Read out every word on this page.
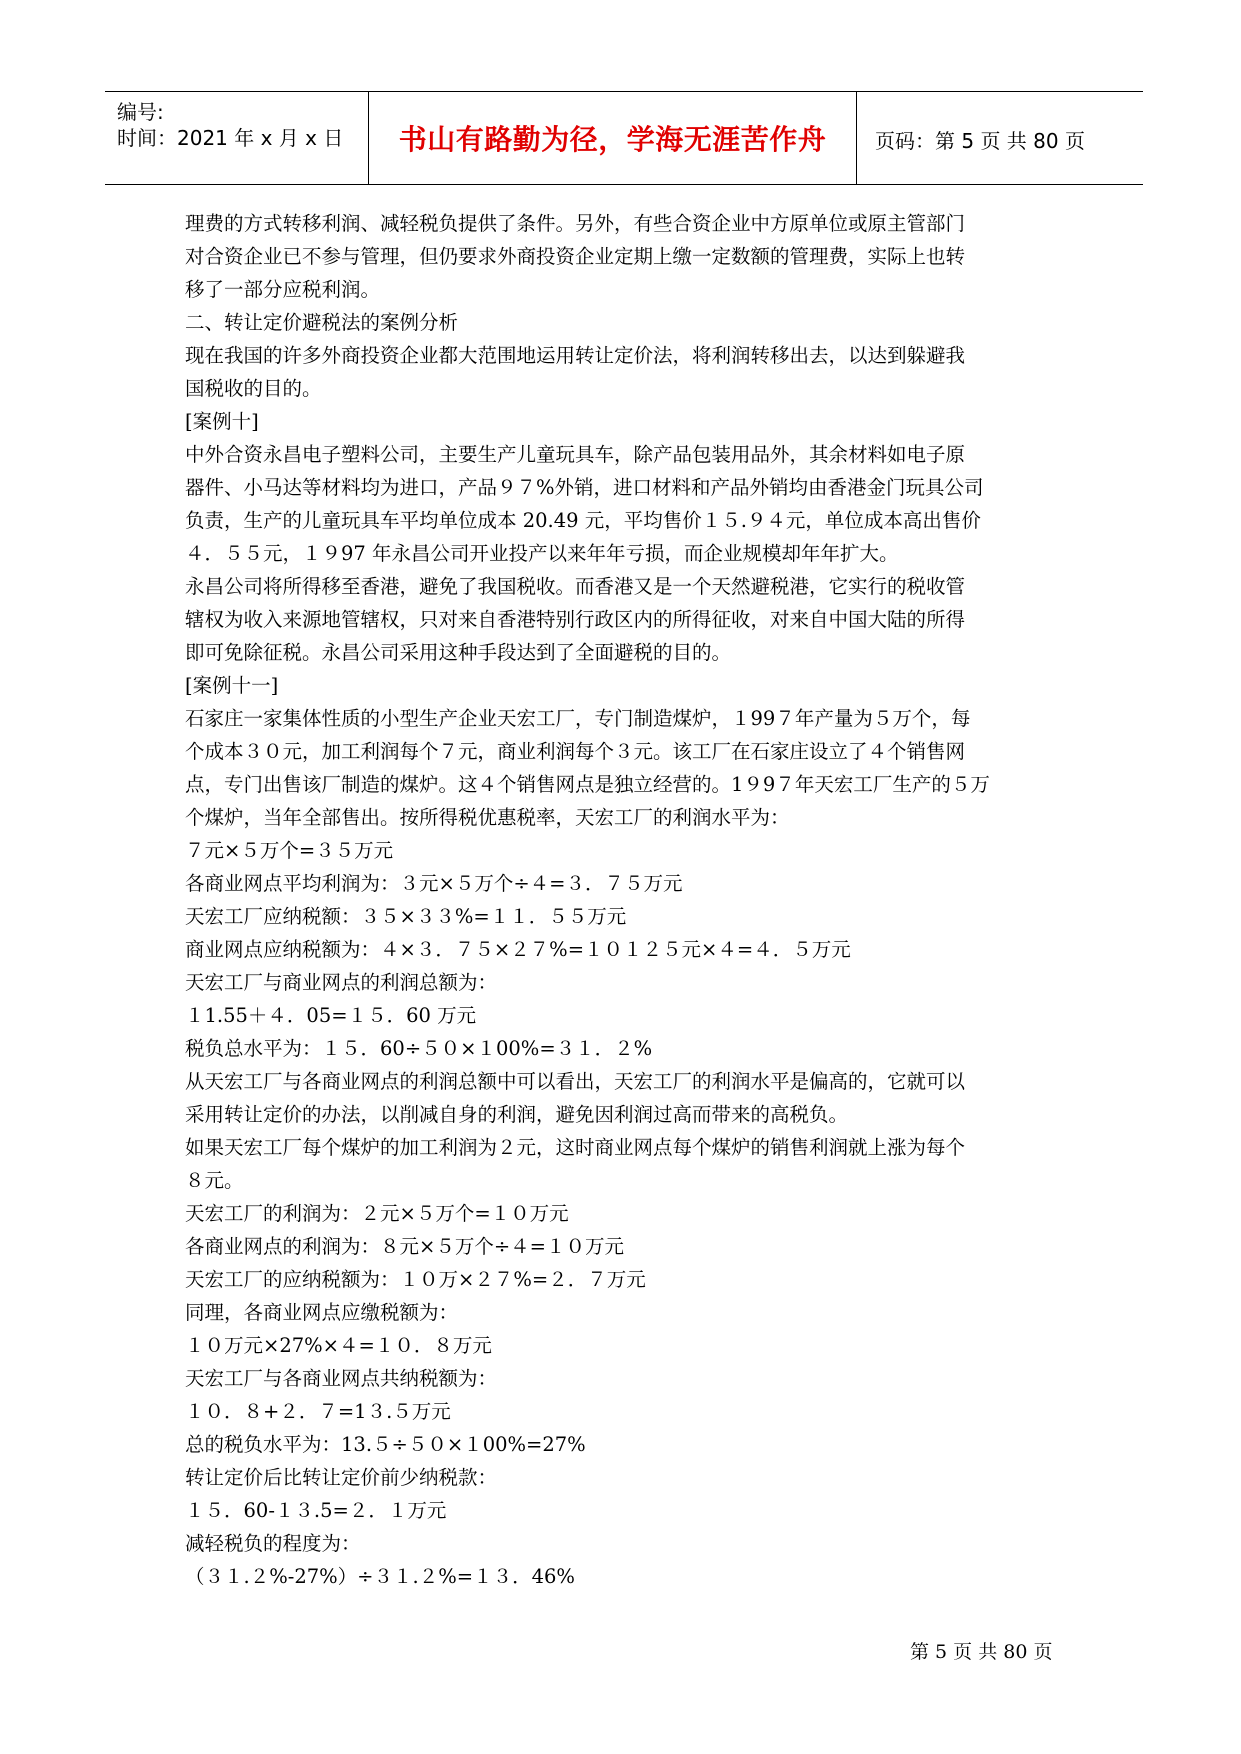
编号:
时间：2021 年 x 月 x 日	书山有路勤为径，学海无涯苦作舟	页码：第 5 页 共 80 页
理费的方式转移利润、减轻税负提供了条件。另外，有些合资企业中方原单位或原主管部门
对合资企业已不参与管理，但仍要求外商投资企业定期上缴一定数额的管理费，实际上也转
移了一部分应税利润。
二、转让定价避税法的案例分析
现在我国的许多外商投资企业都大范围地运用转让定价法，将利润转移出去，以达到躲避我
国税收的目的。
[案例十]
中外合资永昌电子塑料公司，主要生产儿童玩具车，除产品包装用品外，其余材料如电子原
器件、小马达等材料均为进口，产品９７%外销，进口材料和产品外销均由香港金门玩具公司
负责，生产的儿童玩具车平均单位成本 20.49 元，平均售价１５.９４元，单位成本高出售价
４．５５元，１９97 年永昌公司开业投产以来年年亏损，而企业规模却年年扩大。
永昌公司将所得移至香港，避免了我国税收。而香港又是一个天然避税港，它实行的税收管
辖权为收入来源地管辖权，只对来自香港特别行政区内的所得征收，对来自中国大陆的所得
即可免除征税。永昌公司采用这种手段达到了全面避税的目的。
[案例十一]
石家庄一家集体性质的小型生产企业天宏工厂，专门制造煤炉，１99７年产量为５万个，每
个成本３０元，加工利润每个７元，商业利润每个３元。该工厂在石家庄设立了４个销售网
点，专门出售该厂制造的煤炉。这４个销售网点是独立经营的。1９9７年天宏工厂生产的５万
个煤炉，当年全部售出。按所得税优惠税率，天宏工厂的利润水平为：
７元×５万个=３５万元
各商业网点平均利润为：３元×５万个÷４=３．７５万元
天宏工厂应纳税额：３５×３３%=１１．５５万元
商业网点应纳税额为：４×３．７５×２７%=１０１２５元×４=４．５万元
天宏工厂与商业网点的利润总额为：
１1.55＋４．05=１５．60 万元
税负总水平为：１５．60÷５０×１00%=３１．２%
从天宏工厂与各商业网点的利润总额中可以看出，天宏工厂的利润水平是偏高的，它就可以
采用转让定价的办法，以削减自身的利润，避免因利润过高而带来的高税负。
如果天宏工厂每个煤炉的加工利润为２元，这时商业网点每个煤炉的销售利润就上涨为每个
８元。
天宏工厂的利润为：２元×５万个=１０万元
各商业网点的利润为：８元×５万个÷４=１０万元
天宏工厂的应纳税额为：１０万×２７%=２．７万元
同理，各商业网点应缴税额为：
１０万元×27%×４=１０．８万元
天宏工厂与各商业网点共纳税额为：
１０．８+２．７=1３.５万元
总的税负水平为：13.５÷５０×１00%=27%
转让定价后比转让定价前少纳税款：
１５．60-１３.5=２．１万元
减轻税负的程度为：
（３１.２%-27%）÷３１.２%=１３．46%
第 5 页 共 80 页
